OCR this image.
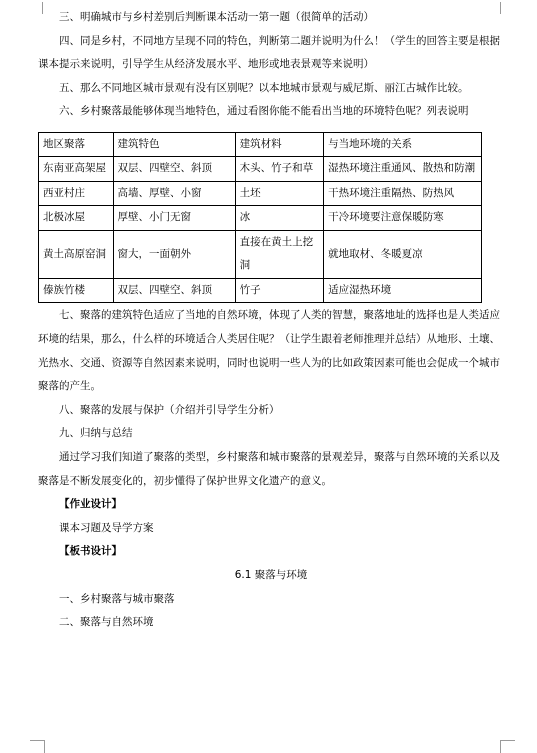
三、明确城市与乡村差别后判断课本活动一第一题（很简单的活动）

四、同是乡村，不同地方呈现不同的特色，判断第二题并说明为什么！（学生的回答主要是根据课本提示来说明，引导学生从经济发展水平、地形或地表景观等来说明）

五、那么不同地区城市景观有没有区别呢？以本地城市景观与威尼斯、丽江古城作比较。

六、乡村聚落最能够体现当地特色，通过看图你能不能看出当地的环境特色呢？列表说明

地区聚落	建筑特色	建筑材料	与当地环境的关系
东南亚高架屋	双层、四壁空、斜顶	木头、竹子和草	湿热环境注重通风、散热和防潮
西亚村庄	高墙、厚壁、小窗	土坯	干热环境注重隔热、防热风
北极冰屋	厚壁、小门无窗	冰	干冷环境要注意保暖防寒
黄土高原窑洞	窗大，一面朝外	直接在黄土上挖洞	就地取材、冬暖夏凉
傣族竹楼	双层、四壁空、斜顶	竹子	适应湿热环境

七、聚落的建筑特色适应了当地的自然环境，体现了人类的智慧，聚落地址的选择也是人类适应环境的结果，那么，什么样的环境适合人类居住呢？（让学生跟着老师推理并总结）从地形、土壤、光热水、交通、资源等自然因素来说明，同时也说明一些人为的比如政策因素可能也会促成一个城市聚落的产生。

八、聚落的发展与保护（介绍并引导学生分析）

九、归纳与总结

通过学习我们知道了聚落的类型，乡村聚落和城市聚落的景观差异，聚落与自然环境的关系以及聚落是不断发展变化的，初步懂得了保护世界文化遗产的意义。

【作业设计】

课本习题及导学方案

【板书设计】

6.1 聚落与环境

一、乡村聚落与城市聚落

二、聚落与自然环境
